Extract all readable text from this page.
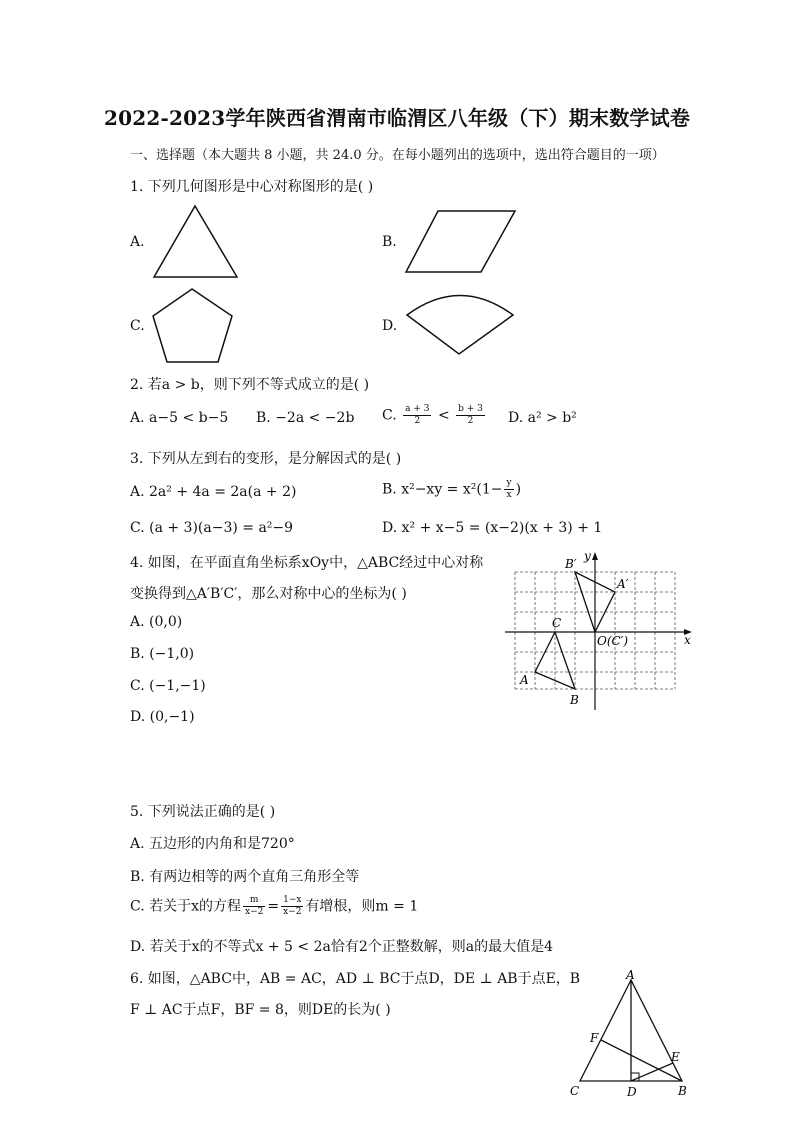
2022-2023学年陕西省渭南市临渭区八年级（下）期末数学试卷
一、选择题（本大题共 8 小题，共 24.0 分。在每小题列出的选项中，选出符合题目的一项）
1. 下列几何图形是中心对称图形的是( )
A.	B.
C.	D.
2. 若a > b，则下列不等式成立的是( )
A. a−5 < b−5 B. −2a < −2b C. $\frac{a + 3}{2} < \frac{b + 3}{2} D$. a² > b²
3. 下列从左到右的变形，是分解因式的是( )
A. 2a² + 4a = 2a(a + 2)	B. $x^2-xy = x^2(1- \frac{y}{x}$ )
C. (a + 3)(a−3) = a²−9	D. x² + x−5 = (x−2)(x + 3) + 1
4. 如图，在平面直角坐标系xOy中，△ABC经过中心对称
变换得到△A′B′C′，那么对称中心的坐标为( )
A. (0,0)
B. (−1,0)
C. (−1,−1)
D. (0,−1)
x
y
A
B
C
A′
B′
O(C′)
5. 下列说法正确的是( )
A. 五边形的内角和是720°
B. 有两边相等的两个直角三角形全等
C. 若关于x的方程 $\frac{m}{x-2} = \frac{1-x}{x-2}$ 有增根，则m = 1
D. 若关于x的不等式x + 5 < 2a恰有2个正整数解，则a的最大值是4
6. 如图，△ABC中，AB = AC，AD ⊥ BC于点D，DE ⊥ AB于点E，B
F ⊥ AC于点F，BF = 8，则DE的长为( )
A
B
C	D
E
F
